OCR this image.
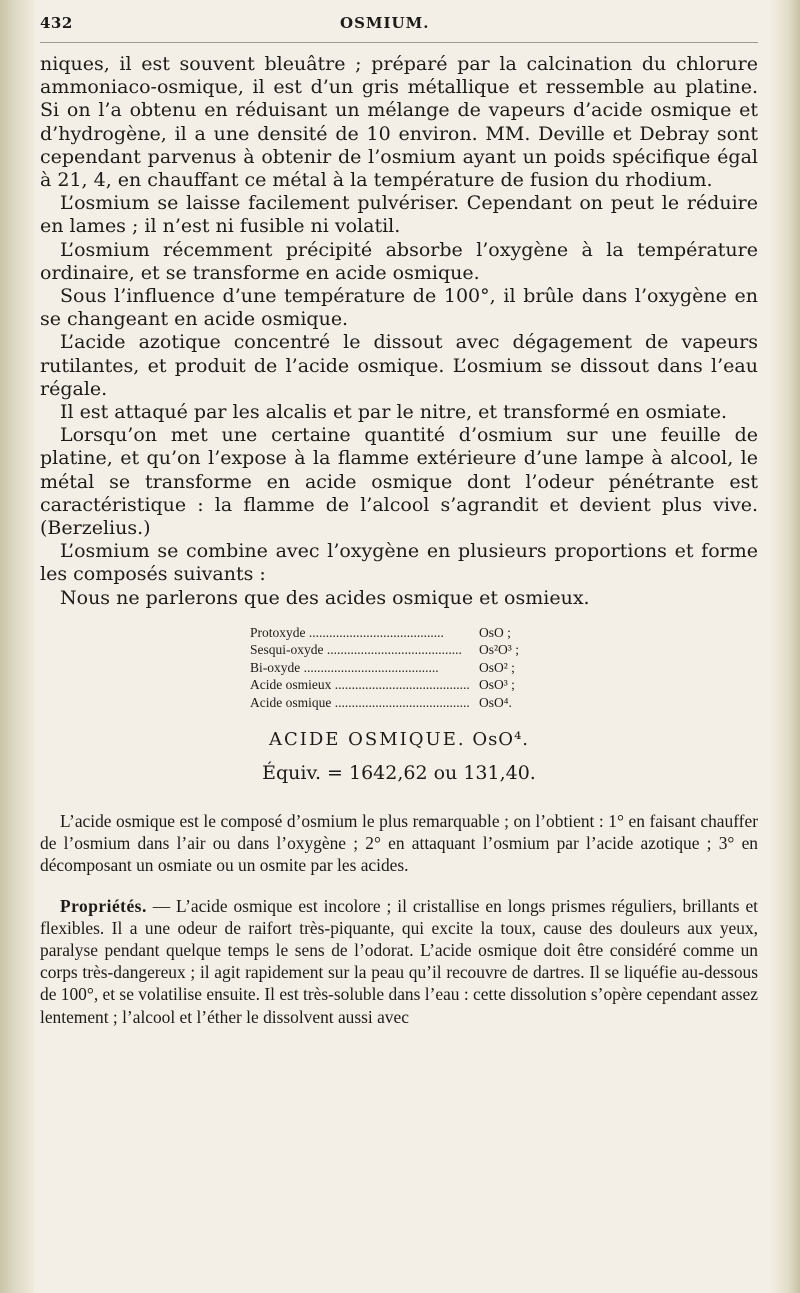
432	OSMIUM.

niques, il est souvent bleuâtre ; préparé par la calcination du chlorure ammoniaco-osmique, il est d’un gris métallique et ressemble au platine. Si on l’a obtenu en réduisant un mélange de vapeurs d’acide osmique et d’hydrogène, il a une densité de 10 environ. MM. Deville et Debray sont cependant parvenus à obtenir de l’osmium ayant un poids spécifique égal à 21, 4, en chauffant ce métal à la température de fusion du rhodium.

L’osmium se laisse facilement pulvériser. Cependant on peut le réduire en lames ; il n’est ni fusible ni volatil.

L’osmium récemment précipité absorbe l’oxygène à la température ordinaire, et se transforme en acide osmique.

Sous l’influence d’une température de 100°, il brûle dans l’oxygène en se changeant en acide osmique.

L’acide azotique concentré le dissout avec dégagement de vapeurs rutilantes, et produit de l’acide osmique. L’osmium se dissout dans l’eau régale.

Il est attaqué par les alcalis et par le nitre, et transformé en osmiate.

Lorsqu’on met une certaine quantité d’osmium sur une feuille de platine, et qu’on l’expose à la flamme extérieure d’une lampe à alcool, le métal se transforme en acide osmique dont l’odeur pénétrante est caractéristique : la flamme de l’alcool s’agrandit et devient plus vive. (Berzelius.)

L’osmium se combine avec l’oxygène en plusieurs proportions et forme les composés suivants :

Nous ne parlerons que des acides osmique et osmieux.

Protoxyde .....	OsO ;
Sesqui-oxyde .....	Os²O³ ;
Bi-oxyde .....	OsO² ;
Acide osmieux .....	OsO³ ;
Acide osmique .....	OsO⁴.
ACIDE OSMIQUE. OsO⁴.
Équiv. = 1642,62 ou 131,40.

L’acide osmique est le composé d’osmium le plus remarquable ; on l’obtient : 1° en faisant chauffer de l’osmium dans l’air ou dans l’oxygène ; 2° en attaquant l’osmium par l’acide azotique ; 3° en décomposant un osmiate ou un osmite par les acides.

Propriétés. — L’acide osmique est incolore ; il cristallise en longs prismes réguliers, brillants et flexibles. Il a une odeur de raifort très-piquante, qui excite la toux, cause des douleurs aux yeux, paralyse pendant quelque temps le sens de l’odorat. L’acide osmique doit être considéré comme un corps très-dangereux ; il agit rapidement sur la peau qu’il recouvre de dartres. Il se liquéfie au-dessous de 100°, et se volatilise ensuite. Il est très-soluble dans l’eau : cette dissolution s’opère cependant assez lentement ; l’alcool et l’éther le dissolvent aussi avec
